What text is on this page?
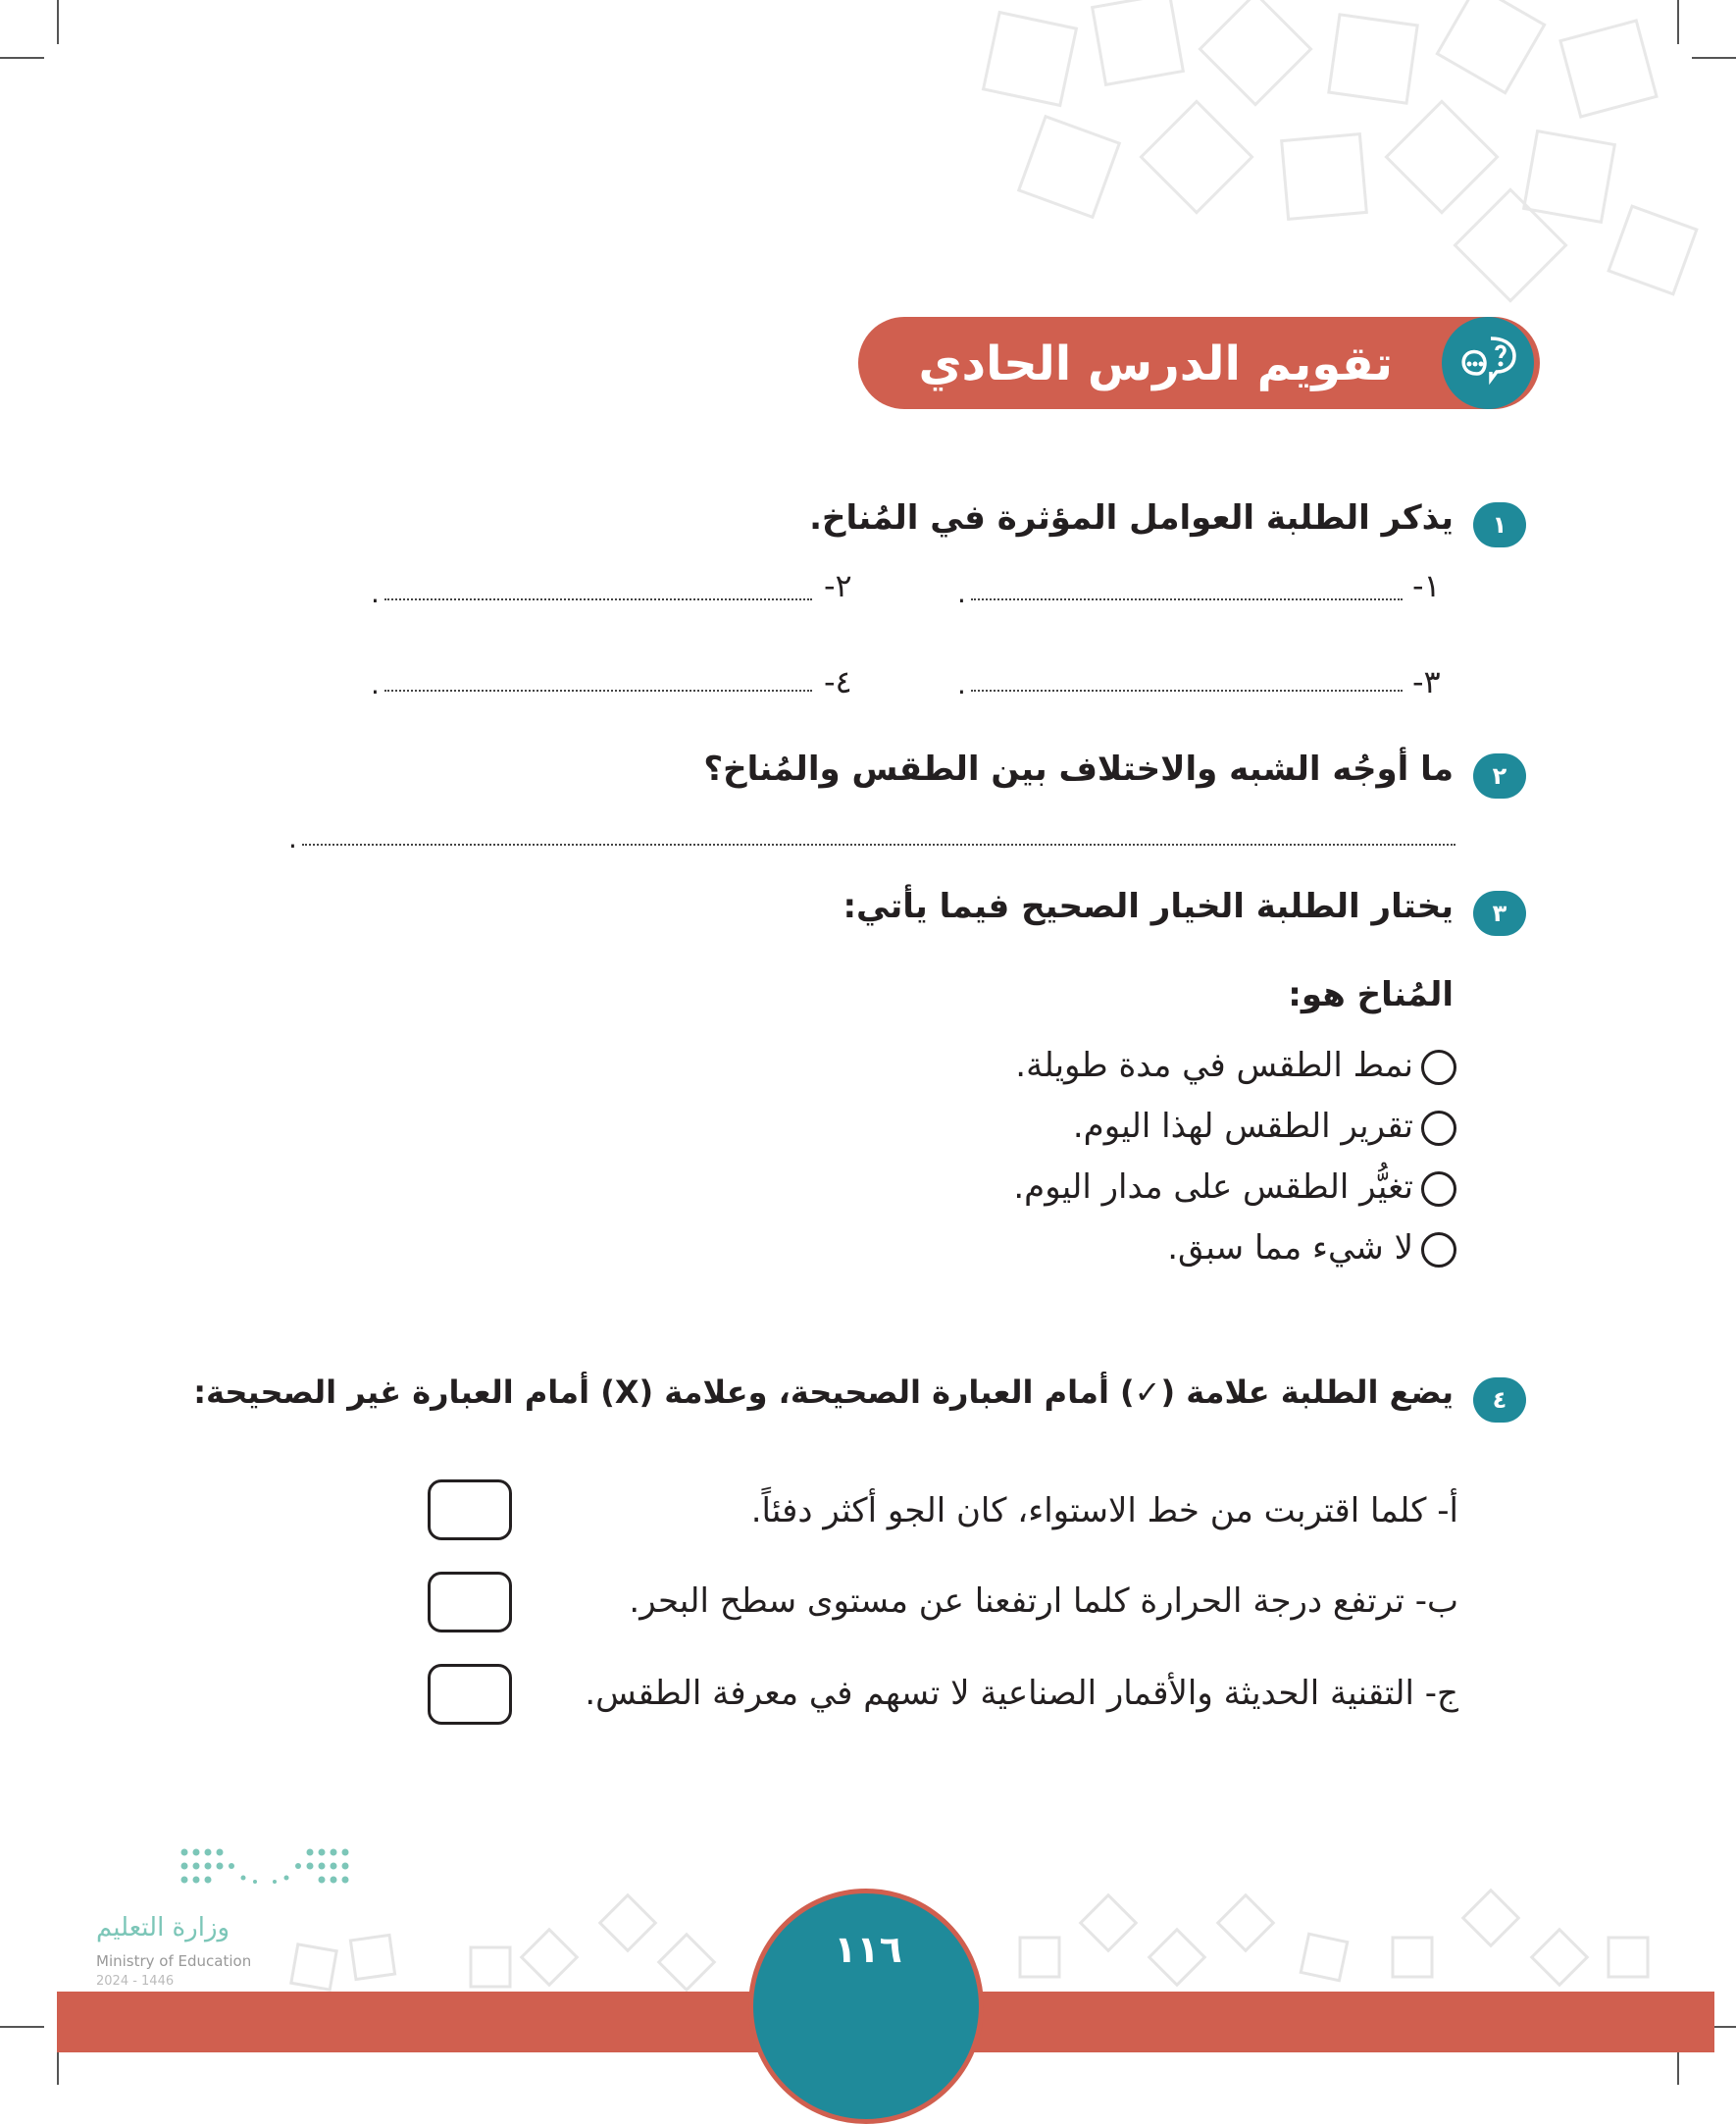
تقويم الدرس الحادي عشر
١
يذكر الطلبة العوامل المؤثرة في المُناخ.
١-
.
٢-
.
٣-
.
٤-
.
٢
ما أوجُه الشبه والاختلاف بين الطقس والمُناخ؟
.
٣
يختار الطلبة الخيار الصحيح فيما يأتي:
المُناخ هو:
نمط الطقس في مدة طويلة.
تقرير الطقس لهذا اليوم.
تغيُّر الطقس على مدار اليوم.
لا شيء مما سبق.
٤
يضع الطلبة علامة (✓) أمام العبارة الصحيحة، وعلامة (X) أمام العبارة غير الصحيحة:
أ- كلما اقتربت من خط الاستواء، كان الجو أكثر دفئاً.
ب- ترتفع درجة الحرارة كلما ارتفعنا عن مستوى سطح البحر.
ج- التقنية الحديثة والأقمار الصناعية لا تسهم في معرفة الطقس.
١١٦
وزارة التعليم
Ministry of Education
2024 - 1446
